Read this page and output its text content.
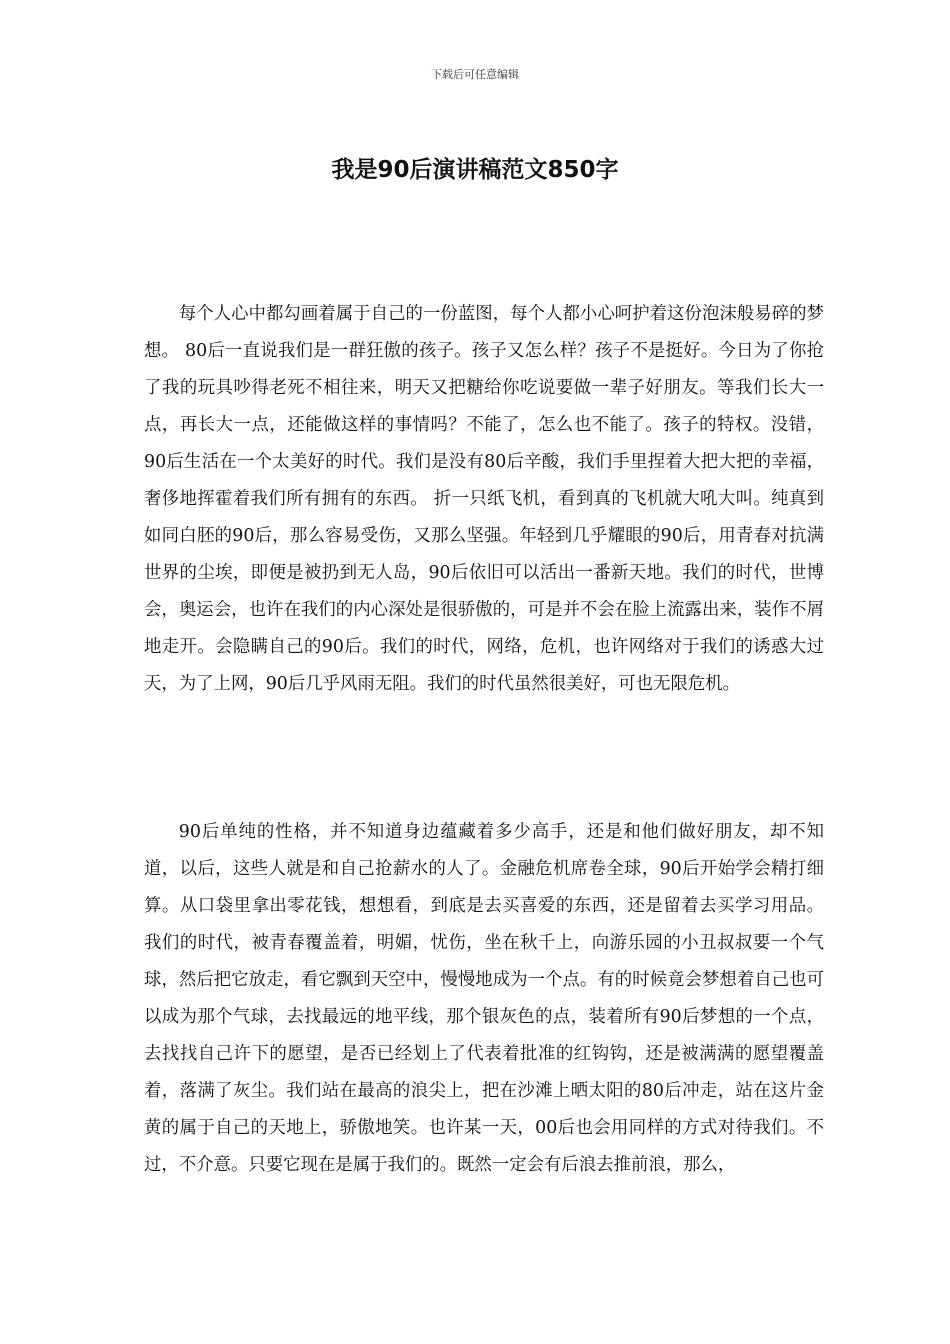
下载后可任意编辑
我是90后演讲稿范文850字

每个人心中都勾画着属于自己的一份蓝图，每个人都小心呵护着这份泡沫般易碎的梦想。 80后一直说我们是一群狂傲的孩子。孩子又怎么样？孩子不是挺好。今日为了你抢了我的玩具吵得老死不相往来，明天又把糖给你吃说要做一辈子好朋友。等我们长大一点，再长大一点，还能做这样的事情吗？不能了，怎么也不能了。孩子的特权。没错，90后生活在一个太美好的时代。我们是没有80后辛酸，我们手里捏着大把大把的幸福，奢侈地挥霍着我们所有拥有的东西。 折一只纸飞机，看到真的飞机就大吼大叫。纯真到如同白胚的90后，那么容易受伤，又那么坚强。年轻到几乎耀眼的90后，用青春对抗满世界的尘埃，即便是被扔到无人岛，90后依旧可以活出一番新天地。我们的时代，世博会，奥运会，也许在我们的内心深处是很骄傲的，可是并不会在脸上流露出来，装作不屑地走开。会隐瞒自己的90后。我们的时代，网络，危机，也许网络对于我们的诱惑大过天，为了上网，90后几乎风雨无阻。我们的时代虽然很美好，可也无限危机。

90后单纯的性格，并不知道身边蕴藏着多少高手，还是和他们做好朋友，却不知道，以后，这些人就是和自己抢薪水的人了。金融危机席卷全球，90后开始学会精打细算。从口袋里拿出零花钱，想想看，到底是去买喜爱的东西，还是留着去买学习用品。 我们的时代，被青春覆盖着，明媚，忧伤，坐在秋千上，向游乐园的小丑叔叔要一个气球，然后把它放走，看它飘到天空中，慢慢地成为一个点。有的时候竟会梦想着自己也可以成为那个气球，去找最远的地平线，那个银灰色的点，装着所有90后梦想的一个点，去找找自己许下的愿望，是否已经划上了代表着批准的红钩钩，还是被满满的愿望覆盖着，落满了灰尘。我们站在最高的浪尖上，把在沙滩上晒太阳的80后冲走，站在这片金黄的属于自己的天地上，骄傲地笑。也许某一天，00后也会用同样的方式对待我们。不过，不介意。只要它现在是属于我们的。既然一定会有后浪去推前浪，那么，
